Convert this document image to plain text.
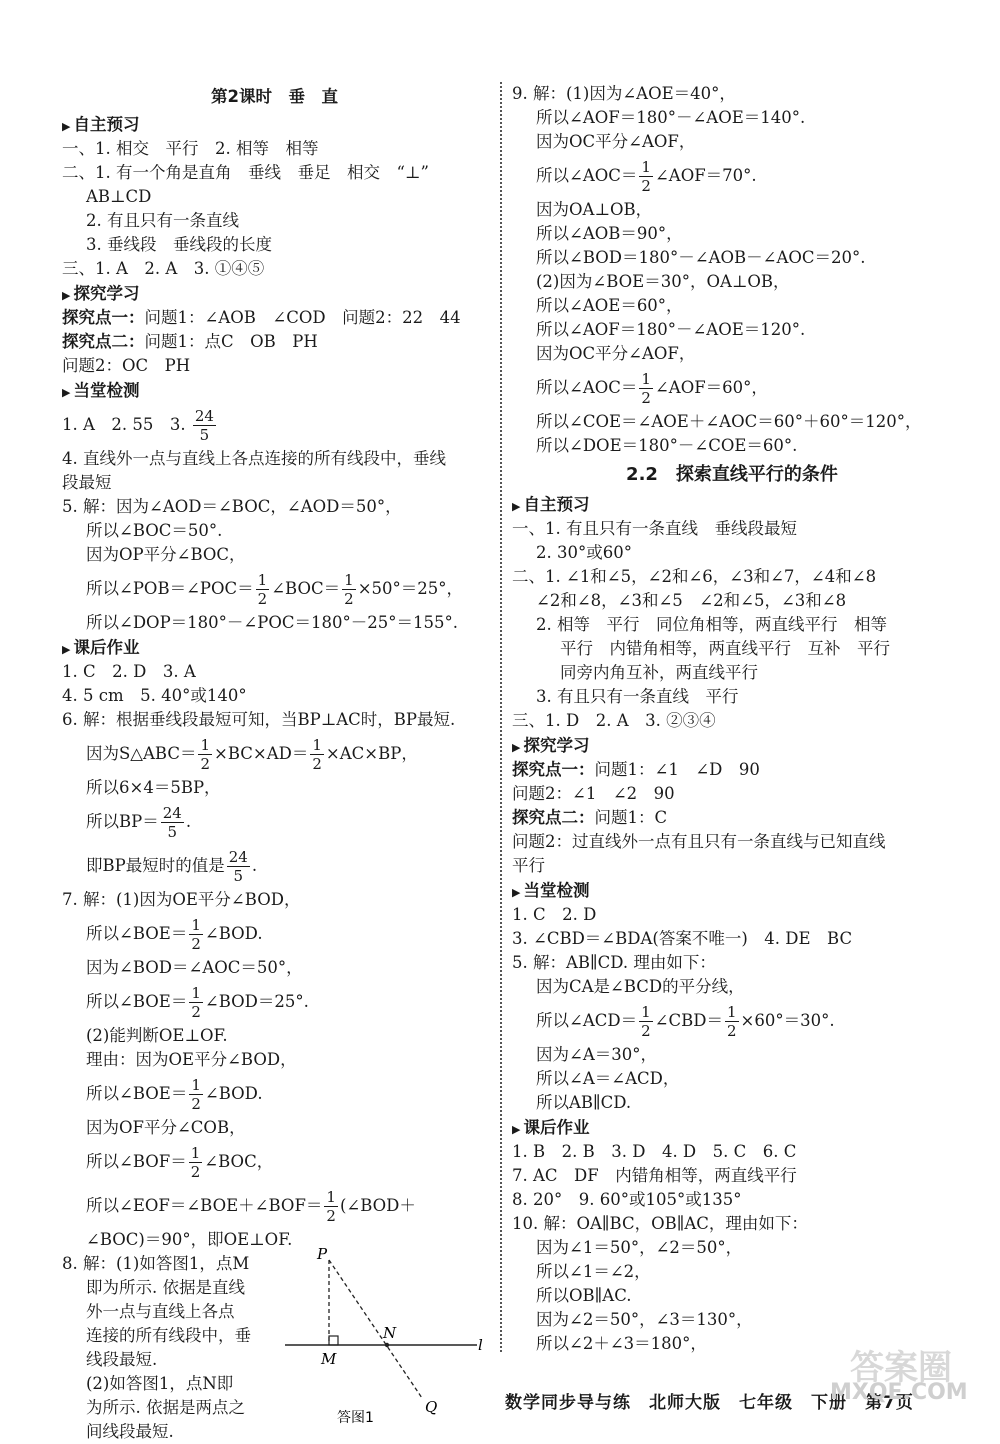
第2课时　垂　直
▶ 自主预习
一、1. 相交　平行　2. 相等　相等
二、1. 有一个角是直角　垂线　垂足　相交　“⊥”
AB⊥CD
2. 有且只有一条直线
3. 垂线段　垂线段的长度
三、1. A　2. A　3. ①④⑤
▶ 探究学习
探究点一：问题1：∠AOB　∠COD　问题2：22　44
探究点二：问题1：点C　OB　PH
问题2：OC　PH
▶ 当堂检测
1. A　2. 55　3. $\frac{24}{5}$
4. 直线外一点与直线上各点连接的所有线段中，垂线
段最短
5. 解：因为∠AOD＝∠BOC，∠AOD＝50°，
所以∠BOC＝50°.
因为OP平分∠BOC，
所以∠POB＝∠POC＝ $\frac{1}{2}$ ∠BOC＝ $\frac{1}{2} \times 50^\circ=25^\circ$，
所以∠DOP＝180°－∠POC＝180°－25°＝155°.
▶ 课后作业
1. C　2. D　3. A
4. 5 cm　5. 40°或140°
6. 解：根据垂线段最短可知，当BP⊥AC时，BP最短.
因为S△ABC＝ $\frac{1}{2} \times BC\times AD= \frac{1}{2} \times AC\times BP$，
所以6×4＝5BP，
所以$BP= \frac{24}{5}$ .
即BP最短时的值是 $\frac{24}{5}$ .
7. 解：(1)因为OE平分∠BOD，
所以∠BOE＝ $\frac{1}{2}$ ∠BOD.
因为∠BOD＝∠AOC＝50°，
所以∠BOE＝ $\frac{1}{2}$ ∠BOD＝25°.
(2)能判断OE⊥OF.
理由：因为OE平分∠BOD，
所以∠BOE＝ $\frac{1}{2}$ ∠BOD.
因为OF平分∠COB，
所以∠BOF＝ $\frac{1}{2}$ ∠BOC，
所以∠EOF＝∠BOE＋∠BOF＝ $\frac{1}{2}$ (∠BOD＋
∠BOC)＝90°，即OE⊥OF.
8. 解：(1)如答图1，点M
即为所示. 依据是直线
外一点与直线上各点
连接的所有线段中，垂
线段最短.
(2)如答图1，点N即
为所示. 依据是两点之
间线段最短.
P
M
N
l
Q
答图1
9. 解：(1)因为∠AOE＝40°，
所以∠AOF＝180°－∠AOE＝140°.
因为OC平分∠AOF，
所以∠AOC＝ $\frac{1}{2}$ ∠AOF＝70°.
因为OA⊥OB，
所以∠AOB＝90°，
所以∠BOD＝180°－∠AOB－∠AOC＝20°.
(2)因为∠BOE＝30°，OA⊥OB，
所以∠AOE＝60°，
所以∠AOF＝180°－∠AOE＝120°.
因为OC平分∠AOF，
所以∠AOC＝ $\frac{1}{2}$ ∠AOF＝60°，
所以∠COE＝∠AOE＋∠AOC＝60°＋60°＝120°，
所以∠DOE＝180°－∠COE＝60°.
2.2　探索直线平行的条件
▶ 自主预习
一、1. 有且只有一条直线　垂线段最短
2. 30°或60°
二、1. ∠1和∠5，∠2和∠6，∠3和∠7，∠4和∠8
∠2和∠8，∠3和∠5　∠2和∠5，∠3和∠8
2. 相等　平行　同位角相等，两直线平行　相等
平行　内错角相等，两直线平行　互补　平行
同旁内角互补，两直线平行
3. 有且只有一条直线　平行
三、1. D　2. A　3. ②③④
▶ 探究学习
探究点一：问题1：∠1　∠D　90
问题2：∠1　∠2　90
探究点二：问题1：C
问题2：过直线外一点有且只有一条直线与已知直线
平行
▶ 当堂检测
1. C　2. D
3. ∠CBD＝∠BDA(答案不唯一)　4. DE　BC
5. 解：AB∥CD. 理由如下：
因为CA是∠BCD的平分线，
所以∠ACD＝ $\frac{1}{2}$ ∠CBD＝ $\frac{1}{2} \times 60^\circ=30^\circ$.
因为∠A＝30°，
所以∠A＝∠ACD，
所以AB∥CD.
▶ 课后作业
1. B　2. B　3. D　4. D　5. C　6. C
7. AC　DF　内错角相等，两直线平行
8. 20°　9. 60°或105°或135°
10. 解：OA∥BC，OB∥AC，理由如下：
因为∠1＝50°，∠2＝50°，
所以∠1＝∠2，
所以OB∥AC.
因为∠2＝50°，∠3＝130°，
所以∠2＋∠3＝180°，
数学同步导与练　北师大版　七年级　下册　第7页
答案圈
MXQE.COM
